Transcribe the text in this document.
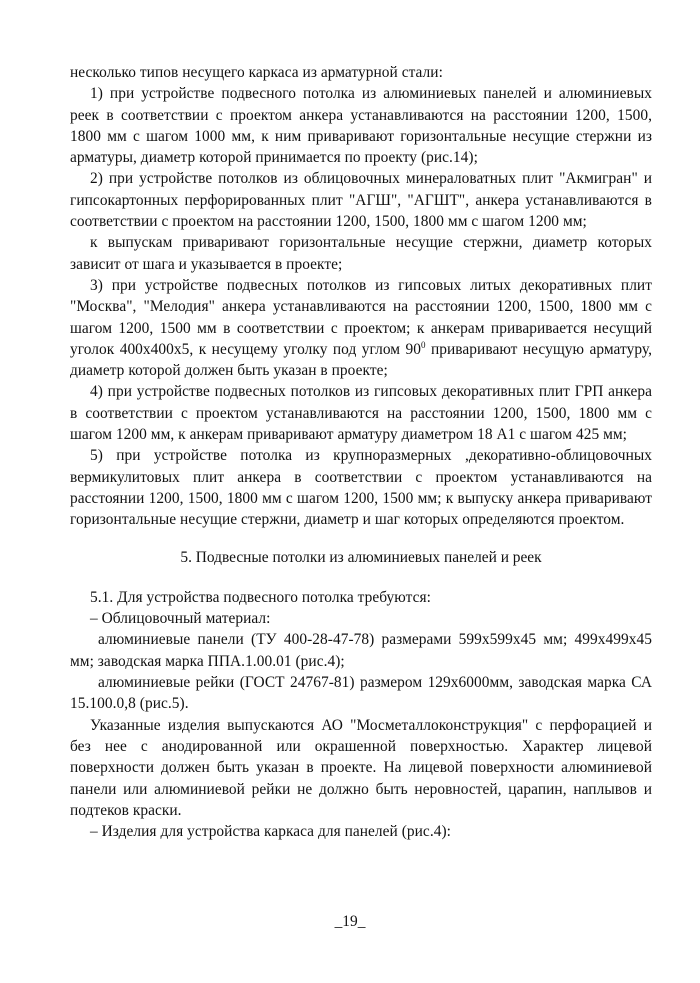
несколько типов несущего каркаса из арматурной стали:

1) при устройстве подвесного потолка из алюминиевых панелей и алюминиевых реек в соответствии с проектом анкера устанавливаются на расстоянии 1200, 1500, 1800 мм с шагом 1000 мм, к ним приваривают горизонтальные несущие стержни из арматуры, диаметр которой принимается по проекту (рис.14);

2) при устройстве потолков из облицовочных минераловатных плит "Акмигран" и гипсокартонных перфорированных плит "АГШ", "АГШТ", анкера устанавливаются в соответствии с проектом на расстоянии 1200, 1500, 1800 мм с шагом 1200 мм;

к выпускам приваривают горизонтальные несущие стержни, диаметр которых зависит от шага и указывается в проекте;

3) при устройстве подвесных потолков из гипсовых литых декоративных плит "Москва", "Мелодия" анкера устанавливаются на расстоянии 1200, 1500, 1800 мм с шагом 1200, 1500 мм в соответствии с проектом; к анкерам приваривается несущий уголок 400х400х5, к несущему уголку под углом $90^0$ приваривают несущую арматуру, диаметр которой должен быть указан в проекте;

4) при устройстве подвесных потолков из гипсовых декоративных плит ГРП анкера в соответствии с проектом устанавливаются на расстоянии 1200, 1500, 1800 мм с шагом 1200 мм, к анкерам приваривают арматуру диаметром 18 А1 с шагом 425 мм;

5) при устройстве потолка из крупноразмерных ,декоративно-облицовочных вермикулитовых плит анкера в соответствии с проектом устанавливаются на расстоянии 1200, 1500, 1800 мм с шагом 1200, 1500 мм; к выпуску анкера приваривают горизонтальные несущие стержни, диаметр и шаг которых определяются проектом.

5. Подвесные потолки из алюминиевых панелей и реек

5.1. Для устройства подвесного потолка требуются:

– Облицовочный материал:

алюминиевые панели (ТУ 400-28-47-78) размерами 599х599х45 мм; 499х499х45 мм; заводская марка ППА.1.00.01 (рис.4);

алюминиевые рейки (ГОСТ 24767-81) размером 129х6000мм, заводская марка СА 15.100.0,8 (рис.5).

Указанные изделия выпускаются АО "Мосметаллоконструкция" с перфорацией и без нее с анодированной или окрашенной поверхностью. Характер лицевой поверхности должен быть указан в проекте. На лицевой поверхности алюминиевой панели или алюминиевой рейки не должно быть неровностей, царапин, наплывов и подтеков краски.

– Изделия для устройства каркаса для панелей (рис.4):

_19_
